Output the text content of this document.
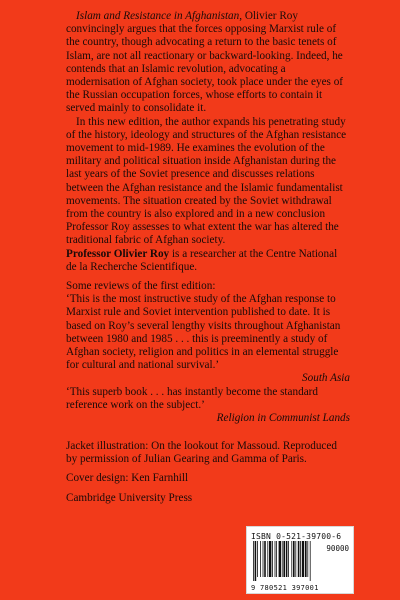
Islam and Resistance in Afghanistan, Olivier Roy convincingly argues that the forces opposing Marxist rule of the country, though advocating a return to the basic tenets of Islam, are not all reactionary or backward-looking. Indeed, he contends that an Islamic revolution, advocating a modernisation of Afghan society, took place under the eyes of the Russian occupation forces, whose efforts to contain it served mainly to consolidate it.

In this new edition, the author expands his penetrating study of the history, ideology and structures of the Afghan resistance movement to mid-1989. He examines the evolution of the military and political situation inside Afghanistan during the last years of the Soviet presence and discusses relations between the Afghan resistance and the Islamic fundamentalist movements. The situation created by the Soviet withdrawal from the country is also explored and in a new conclusion Professor Roy assesses to what extent the war has altered the traditional fabric of Afghan society.

Professor Olivier Roy is a researcher at the Centre National de la Recherche Scientifique.

Some reviews of the first edition:

‘This is the most instructive study of the Afghan response to Marxist rule and Soviet intervention published to date. It is based on Roy’s several lengthy visits throughout Afghanistan between 1980 and 1985 . . . this is preeminently a study of Afghan society, religion and politics in an elemental struggle for cultural and national survival.’
South Asia

‘This superb book . . . has instantly become the standard reference work on the subject.’
Religion in Communist Lands

Jacket illustration: On the lookout for Massoud. Reproduced by permission of Julian Gearing and Gamma of Paris.

Cover design: Ken Farnhill

Cambridge University Press

ISBN 0-521-39700-6
90000
9 780521 397001
